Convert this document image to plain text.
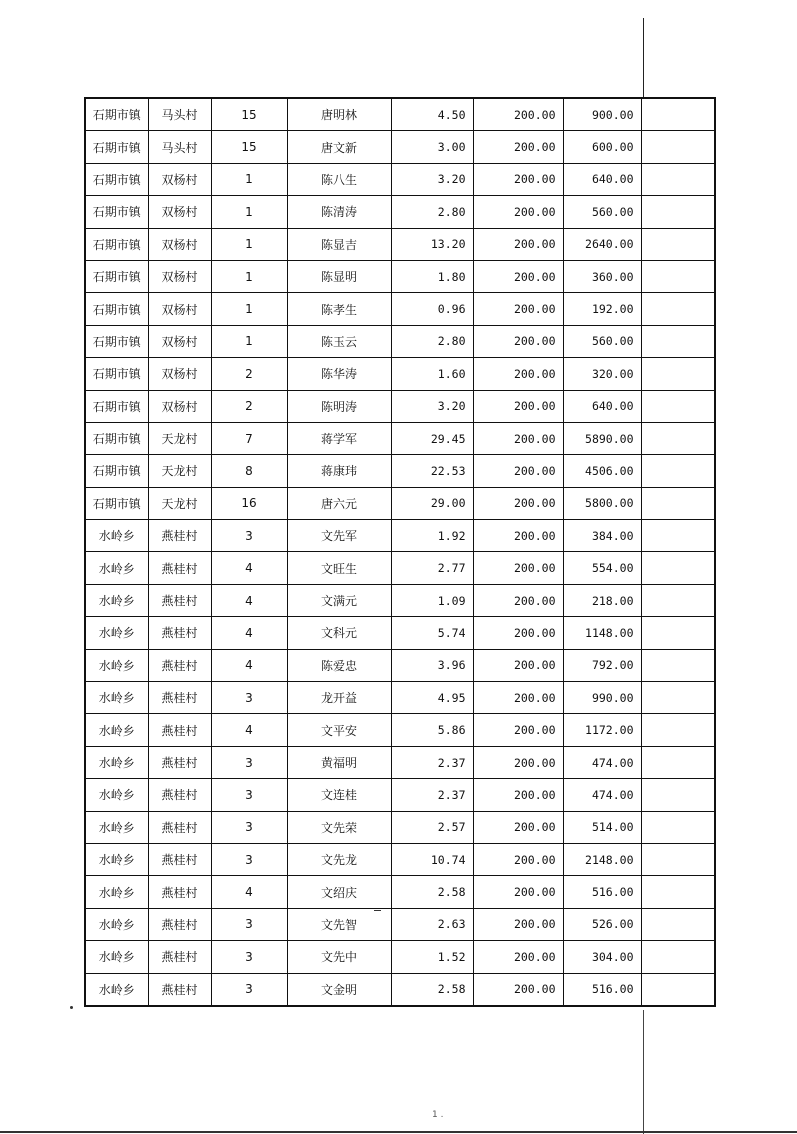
石期市镇	马头村	15	唐明林	4.50	200.00	900.00	
石期市镇	马头村	15	唐文新	3.00	200.00	600.00	
石期市镇	双杨村	1	陈八生	3.20	200.00	640.00	
石期市镇	双杨村	1	陈清涛	2.80	200.00	560.00	
石期市镇	双杨村	1	陈显吉	13.20	200.00	2640.00	
石期市镇	双杨村	1	陈显明	1.80	200.00	360.00	
石期市镇	双杨村	1	陈孝生	0.96	200.00	192.00	
石期市镇	双杨村	1	陈玉云	2.80	200.00	560.00	
石期市镇	双杨村	2	陈华涛	1.60	200.00	320.00	
石期市镇	双杨村	2	陈明涛	3.20	200.00	640.00	
石期市镇	天龙村	7	蒋学军	29.45	200.00	5890.00	
石期市镇	天龙村	8	蒋康玮	22.53	200.00	4506.00	
石期市镇	天龙村	16	唐六元	29.00	200.00	5800.00	
水岭乡	燕桂村	3	文先军	1.92	200.00	384.00	
水岭乡	燕桂村	4	文旺生	2.77	200.00	554.00	
水岭乡	燕桂村	4	文满元	1.09	200.00	218.00	
水岭乡	燕桂村	4	文科元	5.74	200.00	1148.00	
水岭乡	燕桂村	4	陈爱忠	3.96	200.00	792.00	
水岭乡	燕桂村	3	龙开益	4.95	200.00	990.00	
水岭乡	燕桂村	4	文平安	5.86	200.00	1172.00	
水岭乡	燕桂村	3	黄福明	2.37	200.00	474.00	
水岭乡	燕桂村	3	文连桂	2.37	200.00	474.00	
水岭乡	燕桂村	3	文先荣	2.57	200.00	514.00	
水岭乡	燕桂村	3	文先龙	10.74	200.00	2148.00	
水岭乡	燕桂村	4	文绍庆	2.58	200.00	516.00	
水岭乡	燕桂村	3	文先智	2.63	200.00	526.00	
水岭乡	燕桂村	3	文先中	1.52	200.00	304.00	
水岭乡	燕桂村	3	文金明	2.58	200.00	516.00	
1 .
